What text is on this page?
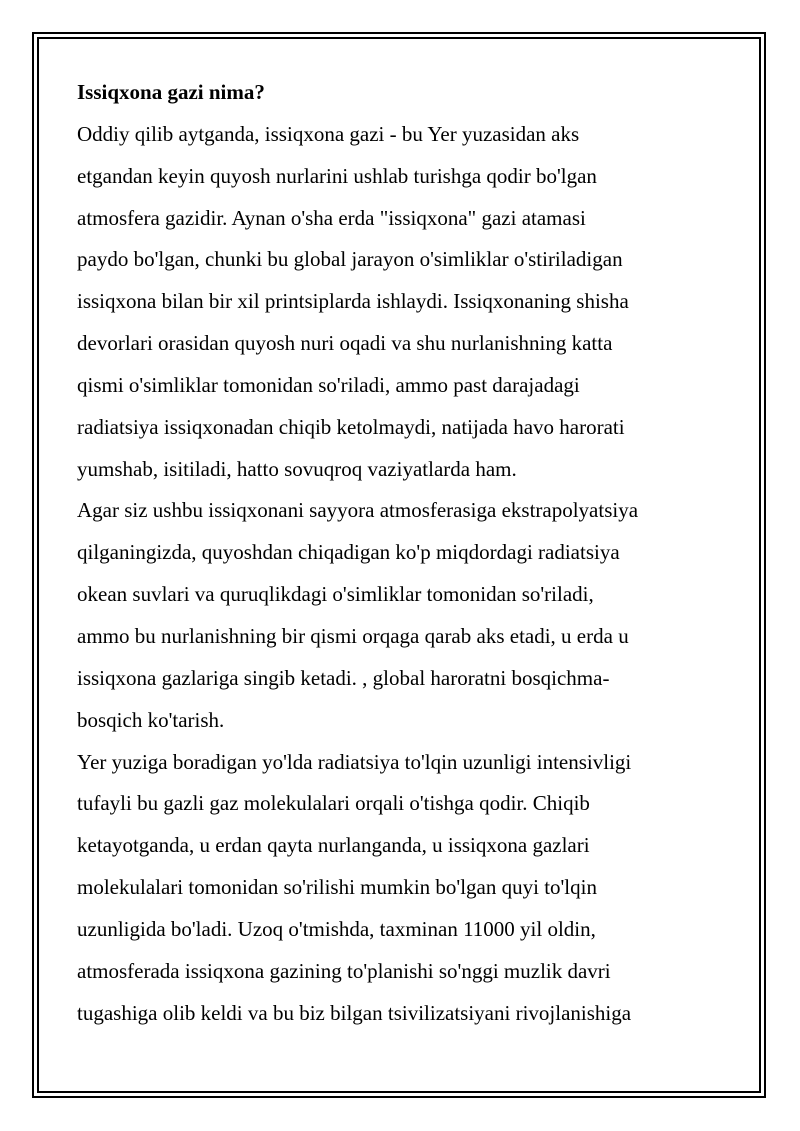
Issiqxona gazi nima?
Oddiy qilib aytganda, issiqxona gazi - bu Yer yuzasidan aks
etgandan keyin quyosh nurlarini ushlab turishga qodir bo'lgan
atmosfera gazidir. Aynan o'sha erda "issiqxona" gazi atamasi
paydo bo'lgan, chunki bu global jarayon o'simliklar o'stiriladigan
issiqxona bilan bir xil printsiplarda ishlaydi. Issiqxonaning shisha
devorlari orasidan quyosh nuri oqadi va shu nurlanishning katta
qismi o'simliklar tomonidan so'riladi, ammo past darajadagi
radiatsiya issiqxonadan chiqib ketolmaydi, natijada havo harorati
yumshab, isitiladi, hatto sovuqroq vaziyatlarda ham.
Agar siz ushbu issiqxonani sayyora atmosferasiga ekstrapolyatsiya
qilganingizda, quyoshdan chiqadigan ko'p miqdordagi radiatsiya
okean suvlari va quruqlikdagi o'simliklar tomonidan so'riladi,
ammo bu nurlanishning bir qismi orqaga qarab aks etadi, u erda u
issiqxona gazlariga singib ketadi. , global haroratni bosqichma-
bosqich ko'tarish.
Yer yuziga boradigan yo'lda radiatsiya to'lqin uzunligi intensivligi
tufayli bu gazli gaz molekulalari orqali o'tishga qodir. Chiqib
ketayotganda, u erdan qayta nurlanganda, u issiqxona gazlari
molekulalari tomonidan so'rilishi mumkin bo'lgan quyi to'lqin
uzunligida bo'ladi. Uzoq o'tmishda, taxminan 11000 yil oldin,
atmosferada issiqxona gazining to'planishi so'nggi muzlik davri
tugashiga olib keldi va bu biz bilgan tsivilizatsiyani rivojlanishiga
